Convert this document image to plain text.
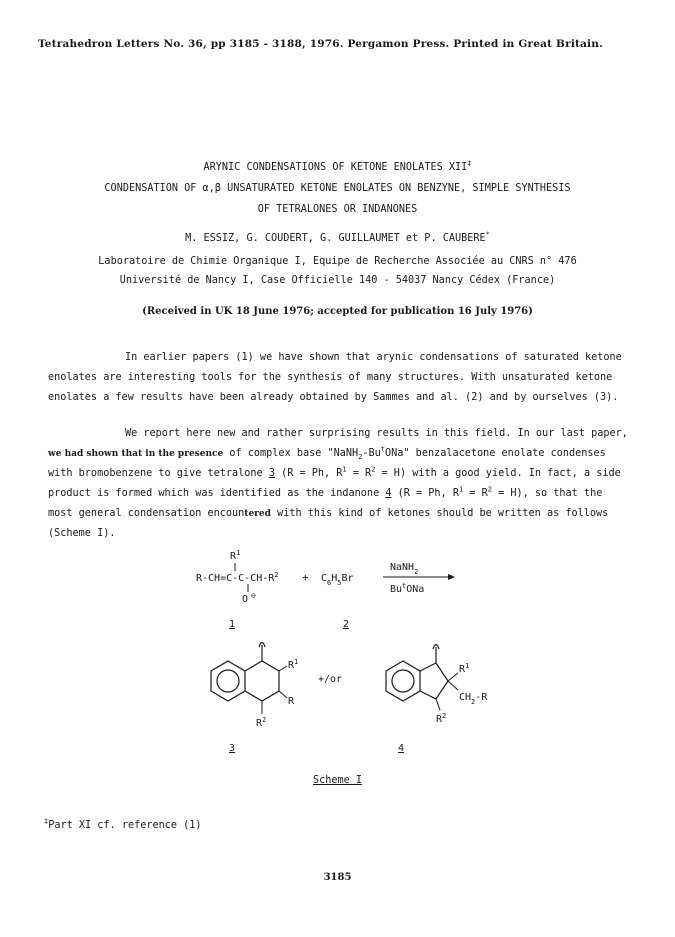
Tetrahedron Letters No. 36, pp 3185 - 3188, 1976. Pergamon Press. Printed in Great Britain.
ARYNIC CONDENSATIONS OF KETONE ENOLATES XII‡
CONDENSATION OF α,β UNSATURATED KETONE ENOLATES ON BENZYNE, SIMPLE SYNTHESIS
OF TETRALONES OR INDANONES
M. ESSIZ, G. COUDERT, G. GUILLAUMET et P. CAUBERE*
Laboratoire de Chimie Organique I, Equipe de Recherche Associée au CNRS n° 476
Université de Nancy I, Case Officielle 140 - 54037 Nancy Cédex (France)
(Received in UK 18 June 1976; accepted for publication 16 July 1976)
In earlier papers (1) we have shown that arynic condensations of saturated ketone
enolates are interesting tools for the synthesis of many structures. With unsaturated ketone
enolates a few results have been already obtained by Sammes and al. (2) and by ourselves (3).
We report here new and rather surprising results in this field. In our last paper,
we had shown that in the presence of complex base "$NaNH_2-Bu^tONa$" benzalacetone enolate condenses
with bromobenzene to give tetralone 3 (R = Ph, $R^1 = R^2 = H$) with a good yield. In fact, a side
product is formed which was identified as the indanone 4 (R = Ph, $R^1 = R^2 = H$), so that the
most general condensation encountered with this kind of ketones should be written as follows
(Scheme I).
$R^1$
$R-CH=C-C-CH-R^2$
O ⊖
+ $C_6H_5Br$
NaNH$_2$
Bu$^t$ONa
1	2
$R^1$
R
$R^2$
+/or
$R^1$
$CH_2-R$
$R^2$
3	4
Scheme I
‡Part XI cf. reference (1)
3185
